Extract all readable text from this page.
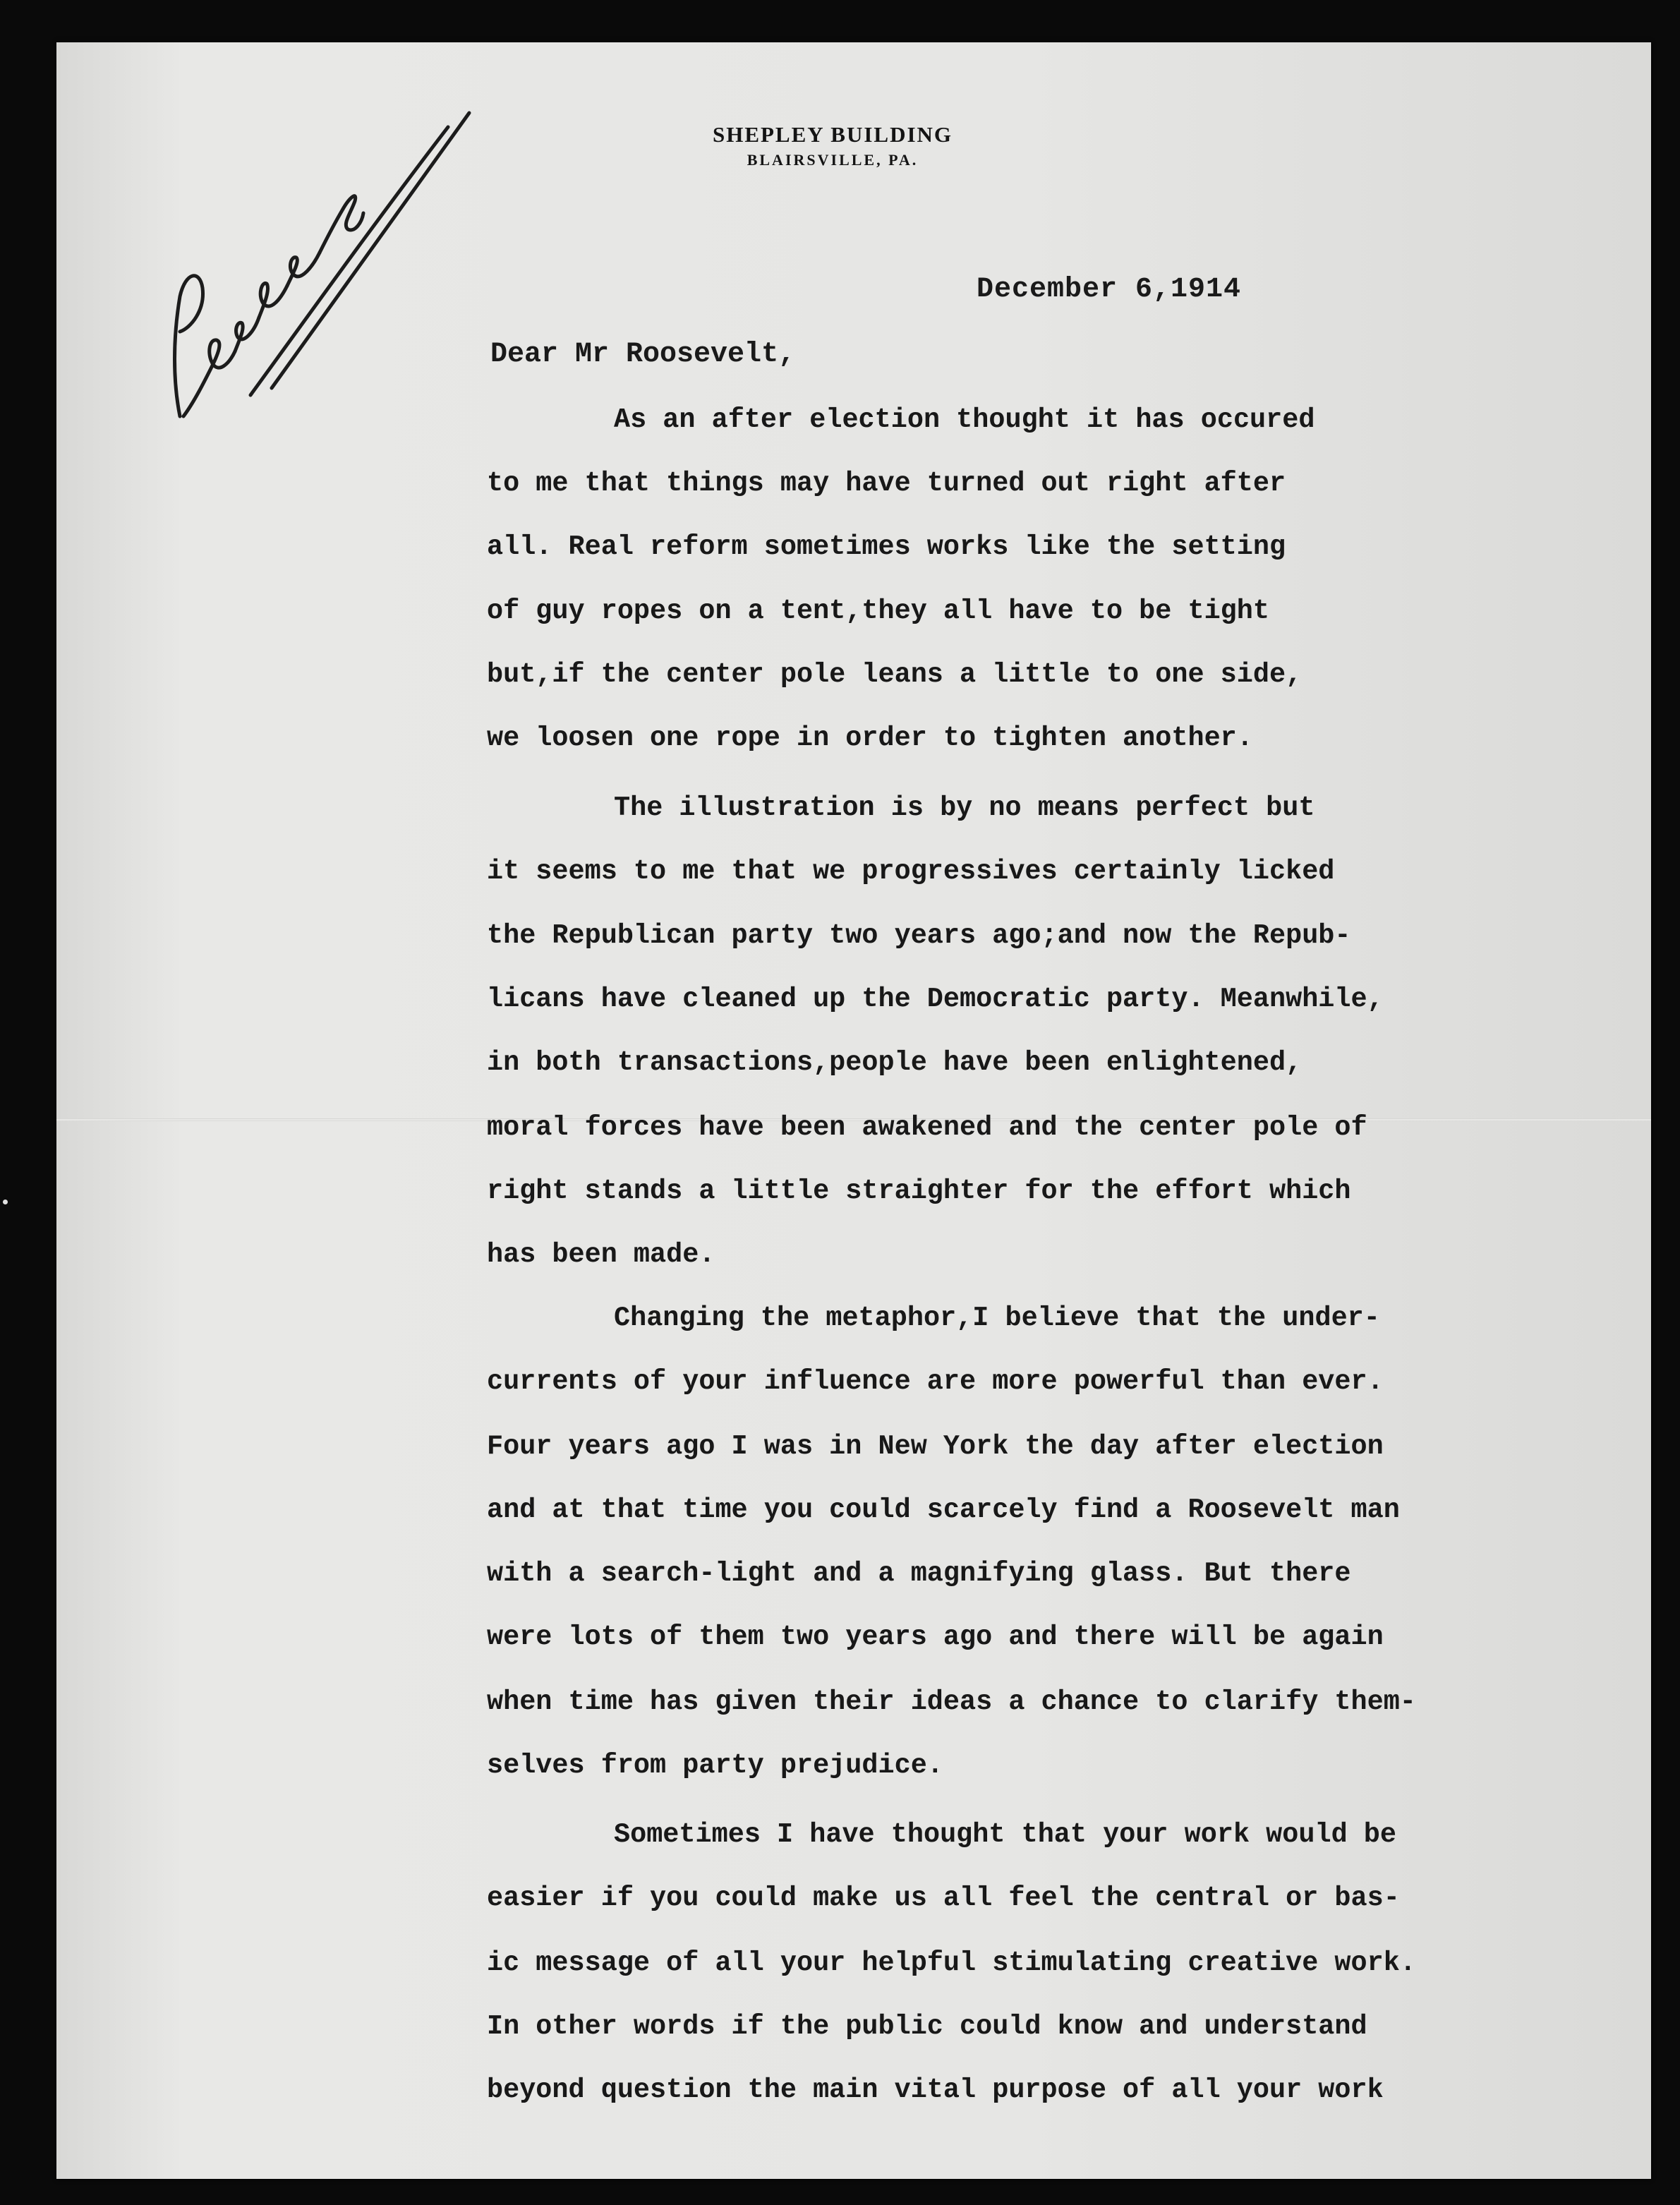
SHEPLEY BUILDING
BLAIRSVILLE, PA.
December 6,1914
Dear Mr Roosevelt,
As an after election thought it has occured
to me that things may have turned out right after
all. Real reform sometimes works like the setting
of guy ropes on a tent,they all have to be tight
but,if the center pole leans a little to one side,
we loosen one rope in order to tighten another.
The illustration is by no means perfect but
it seems to me that we progressives certainly licked
the Republican party two years ago;and now the Repub-
licans have cleaned up the Democratic party. Meanwhile,
in both transactions,people have been enlightened,
moral forces have been awakened and the center pole of
right stands a little straighter for the effort which
has been made.
Changing the metaphor,I believe that the under-
currents of your influence are more powerful than ever.
Four years ago I was in New York the day after election
and at that time you could scarcely find a Roosevelt man
with a search-light and a magnifying glass. But there
were lots of them two years ago and there will be again
when time has given their ideas a chance to clarify them-
selves from party prejudice.
Sometimes I have thought that your work would be
easier if you could make us all feel the central or bas-
ic message of all your helpful stimulating creative work.
In other words if the public could know and understand
beyond question the main vital purpose of all your work
